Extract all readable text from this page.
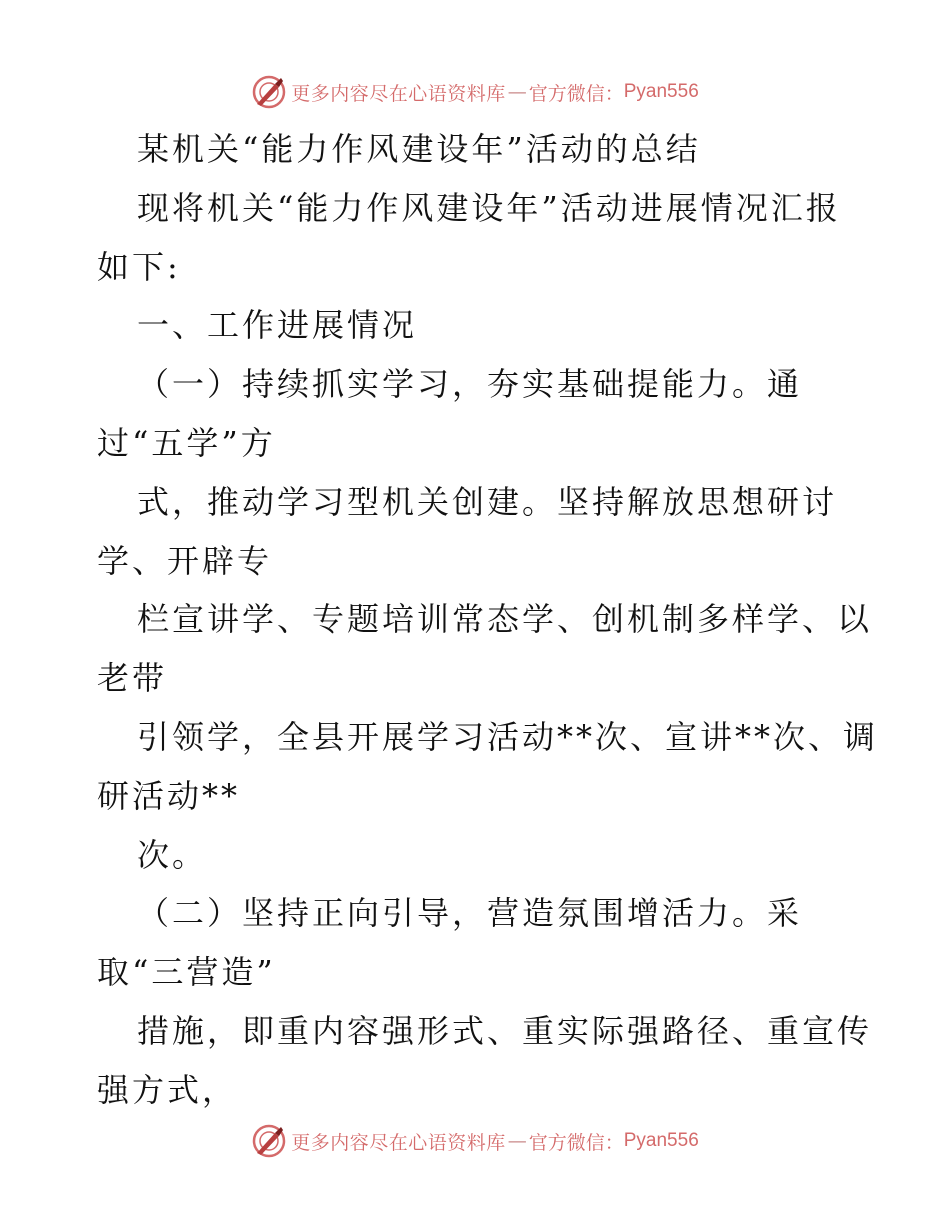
更多内容尽在心语资料库 — 官方微信： Pyan556
某机关“能力作风建设年”活动的总结
现将机关“能力作风建设年”活动进展情况汇报
如下:
一、工作进展情况
（一）持续抓实学习，夯实基础提能力。通
过“五学”方
式，推动学习型机关创建。坚持解放思想研讨
学、开辟专
栏宣讲学、专题培训常态学、创机制多样学、以
老带
引领学，全县开展学习活动**次、宣讲**次、调
研活动**
次。
（二）坚持正向引导，营造氛围增活力。采
取“三营造”
措施，即重内容强形式、重实际强路径、重宣传
强方式，
更多内容尽在心语资料库 — 官方微信： Pyan556
